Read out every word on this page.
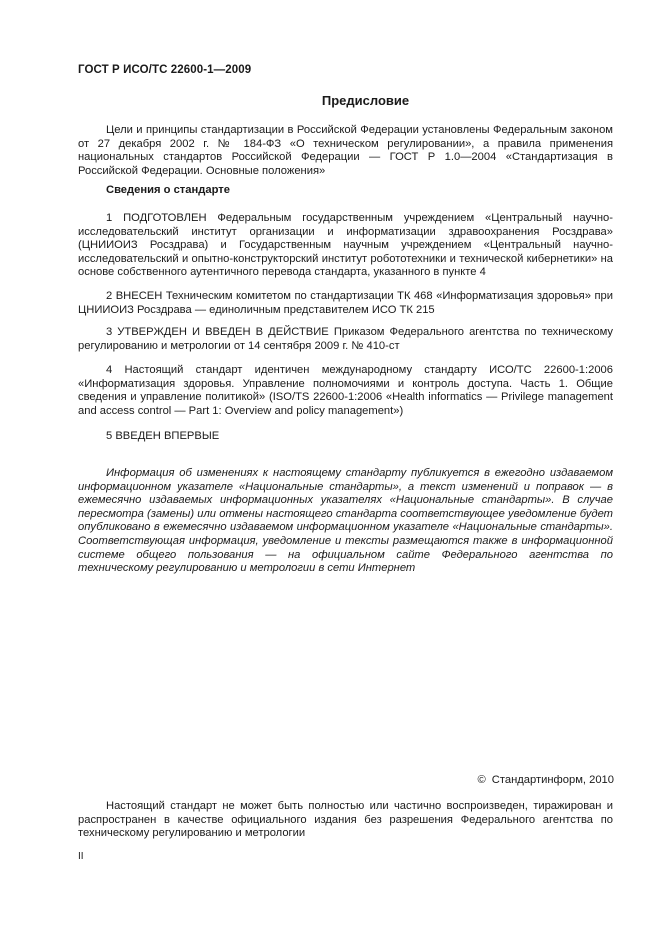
ГОСТ Р ИСО/ТС 22600-1—2009
Предисловие
Цели и принципы стандартизации в Российской Федерации установлены Федеральным законом от 27 декабря 2002 г. № 184-ФЗ «О техническом регулировании», а правила применения национальных стандартов Российской Федерации — ГОСТ Р 1.0—2004 «Стандартизация в Российской Федерации. Основные положения»
Сведения о стандарте
1 ПОДГОТОВЛЕН Федеральным государственным учреждением «Центральный научно-исследовательский институт организации и информатизации здравоохранения Росздрава» (ЦНИИОИЗ Росздрава) и Государственным научным учреждением «Центральный научно-исследовательский и опытно-конструкторский институт робототехники и технической кибернетики» на основе собственного аутентичного перевода стандарта, указанного в пункте 4
2 ВНЕСЕН Техническим комитетом по стандартизации ТК 468 «Информатизация здоровья» при ЦНИИОИЗ Росздрава — единоличным представителем ИСО ТК 215
3 УТВЕРЖДЕН И ВВЕДЕН В ДЕЙСТВИЕ Приказом Федерального агентства по техническому регулированию и метрологии от 14 сентября 2009 г. № 410-ст
4 Настоящий стандарт идентичен международному стандарту ИСО/ТС 22600-1:2006 «Информатизация здоровья. Управление полномочиями и контроль доступа. Часть 1. Общие сведения и управление политикой» (ISO/TS 22600-1:2006 «Health informatics — Privilege management and access control — Part 1: Overview and policy management»)
5 ВВЕДЕН ВПЕРВЫЕ
Информация об изменениях к настоящему стандарту публикуется в ежегодно издаваемом информационном указателе «Национальные стандарты», а текст изменений и поправок — в ежемесячно издаваемых информационных указателях «Национальные стандарты». В случае пересмотра (замены) или отмены настоящего стандарта соответствующее уведомление будет опубликовано в ежемесячно издаваемом информационном указателе «Национальные стандарты». Соответствующая информация, уведомление и тексты размещаются также в информационной системе общего пользования — на официальном сайте Федерального агентства по техническому регулированию и метрологии в сети Интернет
© Стандартинформ, 2010
Настоящий стандарт не может быть полностью или частично воспроизведен, тиражирован и распространен в качестве официального издания без разрешения Федерального агентства по техническому регулированию и метрологии
II
